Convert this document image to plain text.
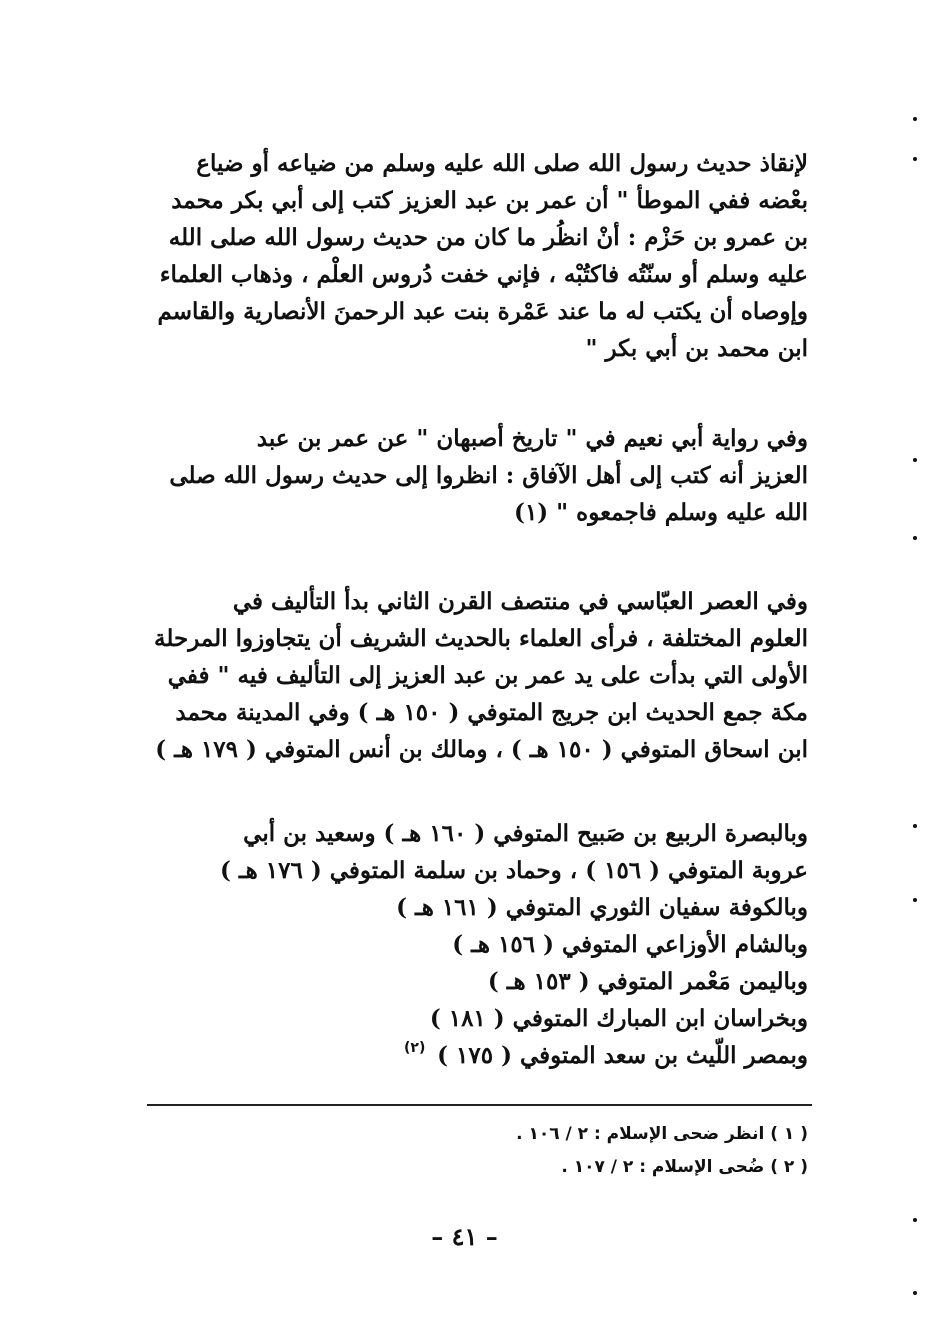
لإنقاذ حديث رسول الله صلى الله عليه وسلم من ضياعه أو ضياع
بعْضه ففي الموطأ " أن عمر بن عبد العزيز كتب إلى أبي بكر محمد
بن عمرو بن حَزْم : أنْ انظُر ما كان من حديث رسول الله صلى الله
عليه وسلم أو سنّتُه فاكتُبْه ، فإني خفت دُروس العلْم ، وذهاب العلماء
وإوصاه أن يكتب له ما عند عَمْرة بنت عبد الرحمنَ الأنصارية والقاسم
ابن محمد بن أبي بكر "
وفي رواية أبي نعيم في " تاريخ أصبهان " عن عمر بن عبد
العزيز أنه كتب إلى أهل الآفاق : انظروا إلى حديث رسول الله صلى
الله عليه وسلم فاجمعوه " (١)
وفي العصر العبّاسي في منتصف القرن الثاني بدأ التأليف في
العلوم المختلفة ، فرأى العلماء بالحديث الشريف أن يتجاوزوا المرحلة
الأولى التي بدأت على يد عمر بن عبد العزيز إلى التأليف فيه " ففي
مكة جمع الحديث ابن جريج المتوفي ( ١٥٠ هـ ) وفي المدينة محمد
ابن اسحاق المتوفي ( ١٥٠ هـ ) ، ومالك بن أنس المتوفي ( ١٧٩ هـ )
وبالبصرة الربيع بن صَبيح المتوفي ( ١٦٠ هـ ) وسعيد بن أبي
عروبة المتوفي ( ١٥٦ ) ، وحماد بن سلمة المتوفي ( ١٧٦ هـ )
وبالكوفة سفيان الثوري المتوفي ( ١٦١ هـ )
وبالشام الأوزاعي المتوفي ( ١٥٦ هـ )
وباليمن مَعْمر المتوفي ( ١٥٣ هـ )
وبخراسان ابن المبارك المتوفي ( ١٨١ )
وبمصر اللّيث بن سعد المتوفي ( ١٧٥ )
(٢)
( ١ ) انظر ضحى الإسلام : ٢ / ١٠٦ .
( ٢ ) ضُحى الإسلام : ٢ / ١٠٧ .
– ٤١ –
